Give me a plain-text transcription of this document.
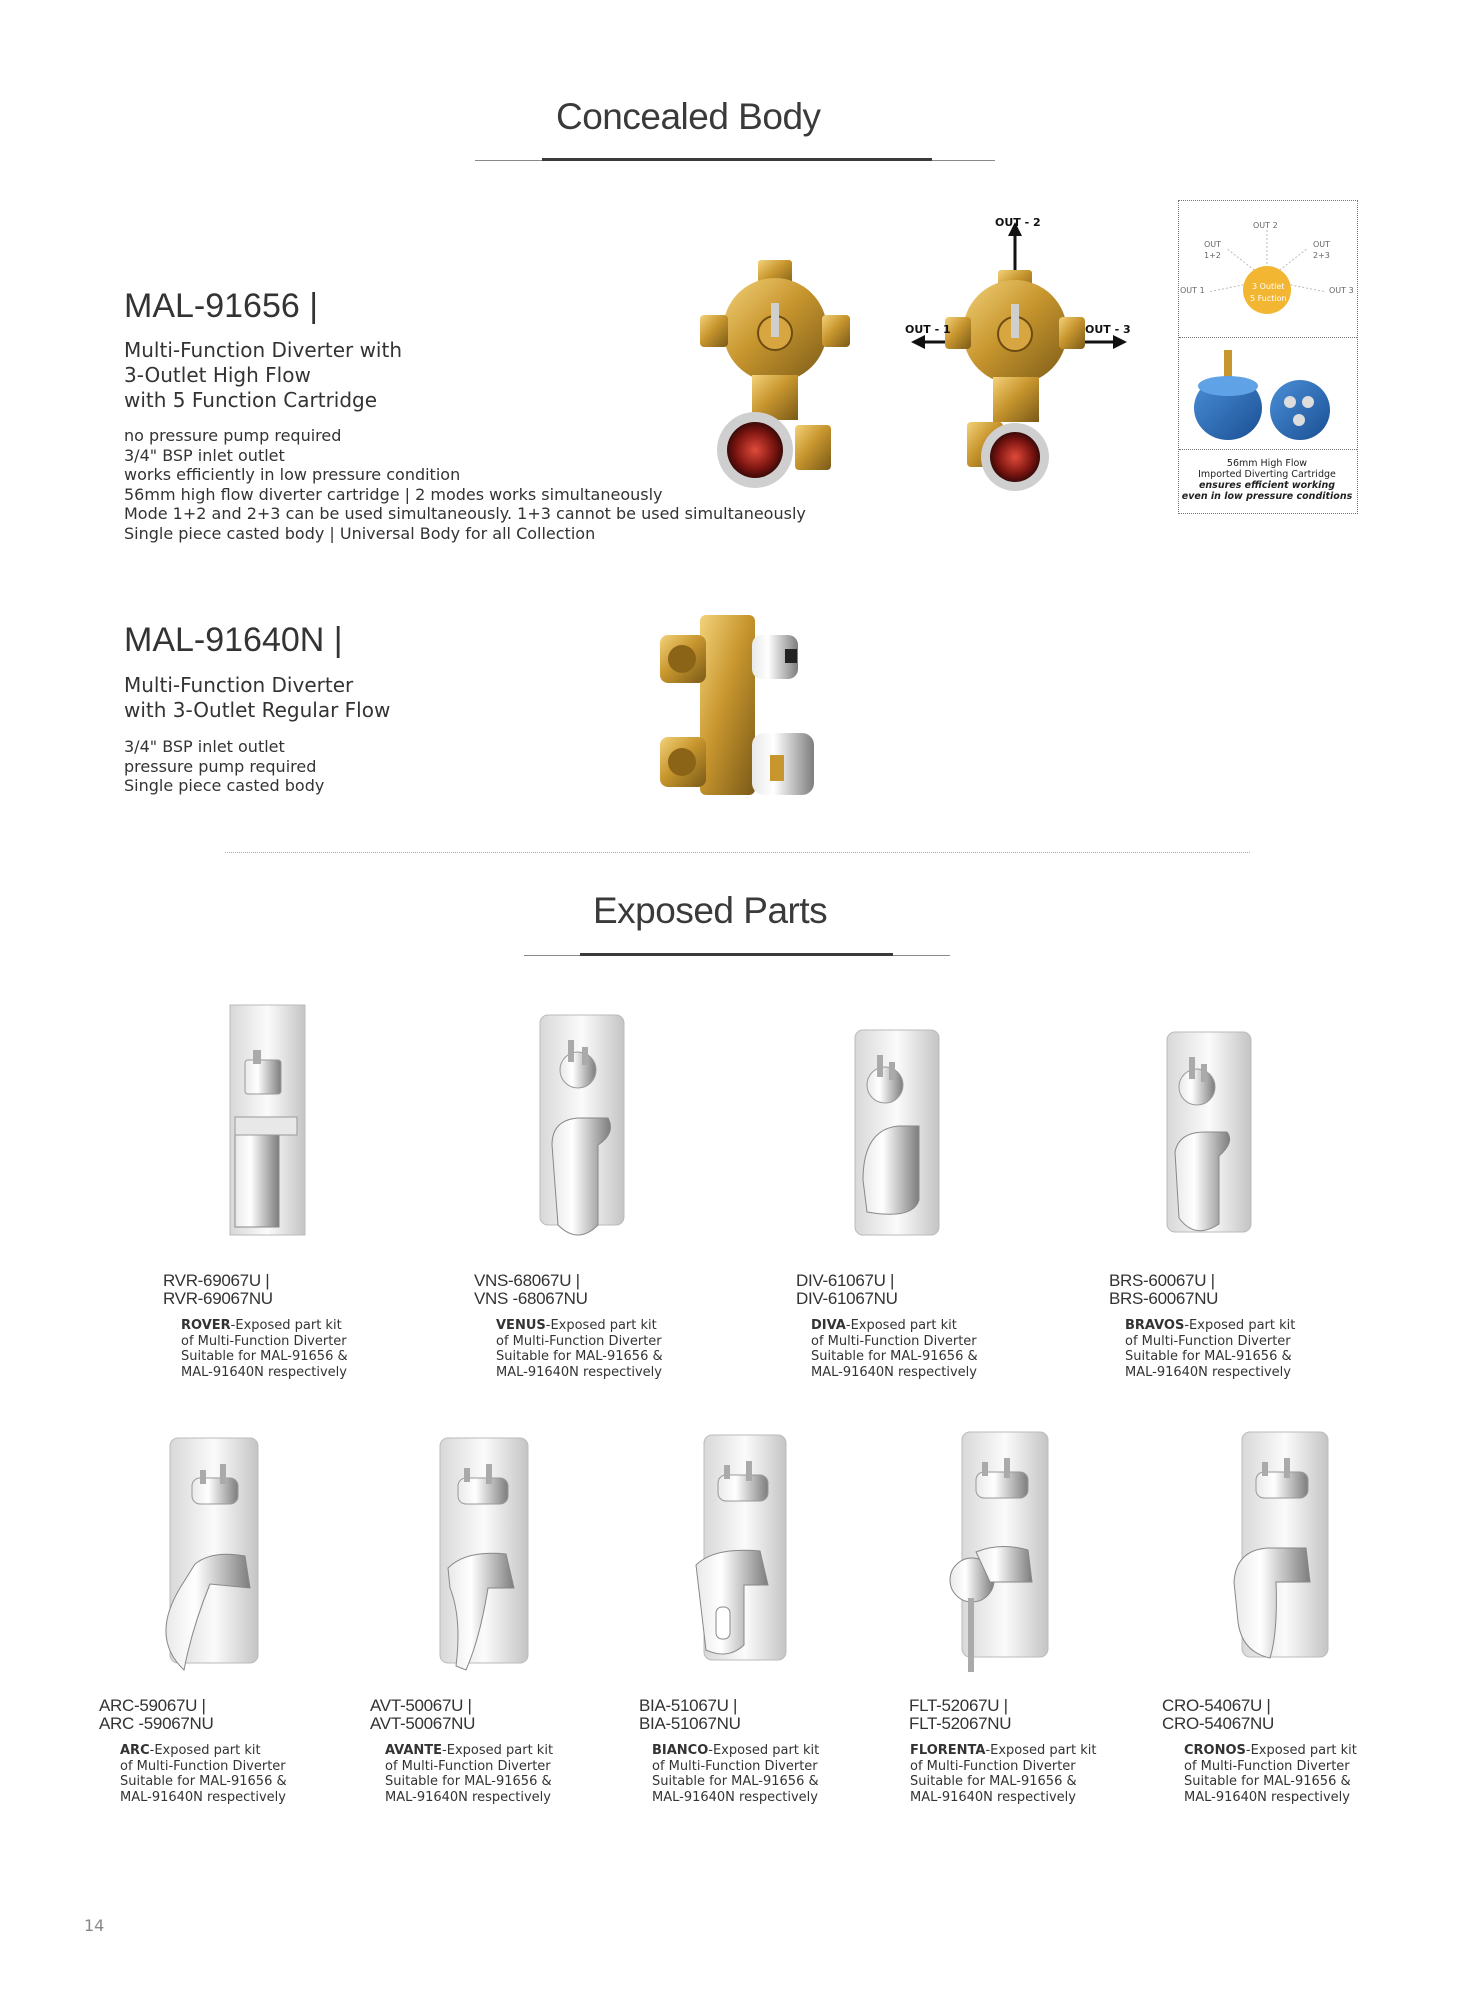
Concealed Body
MAL-91656 |
Multi-Function Diverter with
3-Outlet High Flow
with 5 Function Cartridge
no pressure pump required
3/4" BSP inlet outlet
works efficiently in low pressure condition
56mm high flow diverter cartridge | 2 modes works simultaneously
Mode 1+2 and 2+3 can be used simultaneously. 1+3 cannot be used simultaneously
Single piece casted body | Universal Body for all Collection
OUT - 2
OUT - 1	OUT - 3
OUT 2
OUT
1+2
OUT
2+3
OUT 1	OUT 3
3 Outlet
5 Fuction
56mm High Flow
Imported Diverting Cartridge
ensures efficient working
even in low pressure conditions
MAL-91640N |
Multi-Function Diverter
with 3-Outlet Regular Flow
3/4" BSP inlet outlet
pressure pump required
Single piece casted body
Exposed Parts
RVR-69067U |
RVR-69067NU
ROVER-Exposed part kit
of Multi-Function Diverter
Suitable for MAL-91656 &
MAL-91640N respectively
VNS-68067U |
VNS -68067NU
VENUS-Exposed part kit
of Multi-Function Diverter
Suitable for MAL-91656 &
MAL-91640N respectively
DIV-61067U |
DIV-61067NU
DIVA-Exposed part kit
of Multi-Function Diverter
Suitable for MAL-91656 &
MAL-91640N respectively
BRS-60067U |
BRS-60067NU
BRAVOS-Exposed part kit
of Multi-Function Diverter
Suitable for MAL-91656 &
MAL-91640N respectively
ARC-59067U |
ARC -59067NU
ARC-Exposed part kit
of Multi-Function Diverter
Suitable for MAL-91656 &
MAL-91640N respectively
AVT-50067U |
AVT-50067NU
AVANTE-Exposed part kit
of Multi-Function Diverter
Suitable for MAL-91656 &
MAL-91640N respectively
BIA-51067U |
BIA-51067NU
BIANCO-Exposed part kit
of Multi-Function Diverter
Suitable for MAL-91656 &
MAL-91640N respectively
FLT-52067U |
FLT-52067NU
FLORENTA-Exposed part kit
of Multi-Function Diverter
Suitable for MAL-91656 &
MAL-91640N respectively
CRO-54067U |
CRO-54067NU
CRONOS-Exposed part kit
of Multi-Function Diverter
Suitable for MAL-91656 &
MAL-91640N respectively
14
